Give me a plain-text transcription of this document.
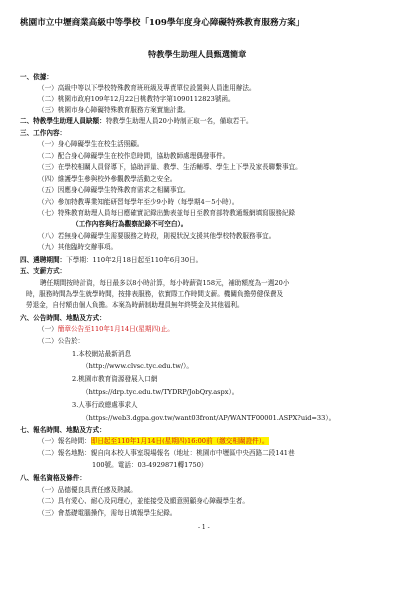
桃園市立中壢商業高級中等學校「109學年度身心障礙特殊教育服務方案」
特教學生助理人員甄選簡章
一、依據：
（一）高級中等以下學校特殊教育班班級及專責單位設置與人員進用辦法。
（二）桃園市政府109年12月22日桃教特字第1090112823號函。
（三）桃園市身心障礙特殊教育服務方案實施計畫。
二、特教學生助理人員缺額：特教學生助理人員20小時制正取一名，備取若干。
三、工作內容：
（一）身心障礙學生在校生活照顧。
（二）配合身心障礙學生在校作息時間，協助教師處理偶發事件。
（三）在學校相關人員督導下，協助評量、教學、生活輔導、學生上下學及家長聯繫事宜。
（四）維護學生參與校外參觀教學活動之安全。
（五）因應身心障礙學生特殊教育需求之相關事宜。
（六）參加特教專業知能研習每學年至少9小時（每學期4－5小時）。
（七）特殊教育助理人員每日應確實記錄出勤表並每日至教育部特教通報網填寫服務紀錄
（工作內容與行為觀察記錄不可空白）。
（八）若無身心障礙學生需要服務之時段，則視狀況支援其他學校特教服務事宜。
（九）其他臨時交辦事項。
四、遴聘期間：下學期：110年2月18日起至110年6月30日。
五、支薪方式：
聘任期間按時計資，每日最多以8小時計算，每小時薪資158元，補助額度為一週20小
時，服務時間為學生就學時間，按排表服務，依實際工作時間支薪。機關負擔勞健保費及
勞退金，自付額由個人負擔。本案為時薪制助理員無年終獎金及其他福利。
六、公告時間、地點及方式：
（一）簡章公告至110年1月14日(星期四)止。
（二）公告於：
1.本校網站最新消息
（http://www.clvsc.tyc.edu.tw/）。
2.桃園市教育資源發展入口網
（https://drp.tyc.edu.tw/TYDRP/JobQry.aspx）。
3.人事行政總處事求人
（https://web3.dgpa.gov.tw/want03front/AP/WANTF00001.ASPX?uid=33）。
七、報名時間、地點及方式：
（一）報名時間：即日起至110年1月14日(星期四)16:00前（繳交相關證件）。
（二）報名地點：親自向本校人事室現場報名（地址：桃園市中壢區中央西路二段141巷
100號。電話：03-4929871轉1750）
八、報名資格及條件：
（一）品德優良具責任感及熱誠。
（二）具有愛心、耐心及同理心，並能接受及願意照顧身心障礙學生者。
（三）會基礎電腦操作，需每日填報學生紀錄。
- 1 -
